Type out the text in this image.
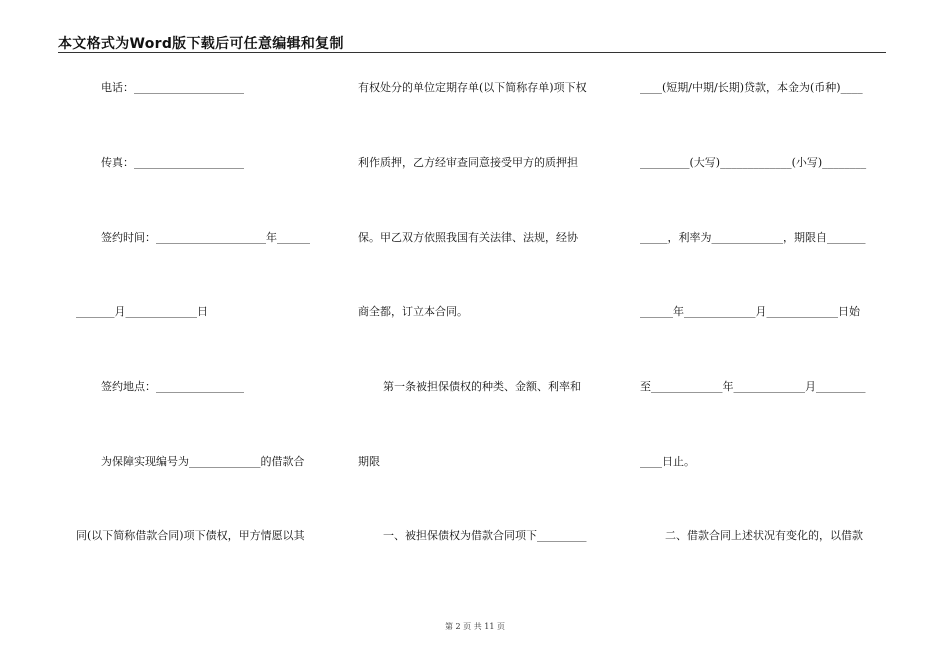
本文格式为Word版下载后可任意编辑和复制
电话：____________________
传真：____________________
签约时间：____________________年______
_______月_____________日
签约地点：________________
为保障实现编号为_____________的借款合
同(以下简称借款合同)项下债权，甲方情愿以其
有权处分的单位定期存单(以下简称存单)项下权
利作质押，乙方经审查同意接受甲方的质押担
保。甲乙双方依照我国有关法律、法规，经协
商全都，订立本合同。
第一条被担保债权的种类、金额、利率和
期限
一、被担保债权为借款合同项下_________
____(短期/中期/长期)贷款，本金为(币种)____
_________(大写)_____________(小写)________
_____，利率为_____________，期限自_______
______年_____________月_____________日始
至_____________年_____________月_________
____日止。
二、借款合同上述状况有变化的，以借款
第 2 页 共 11 页
